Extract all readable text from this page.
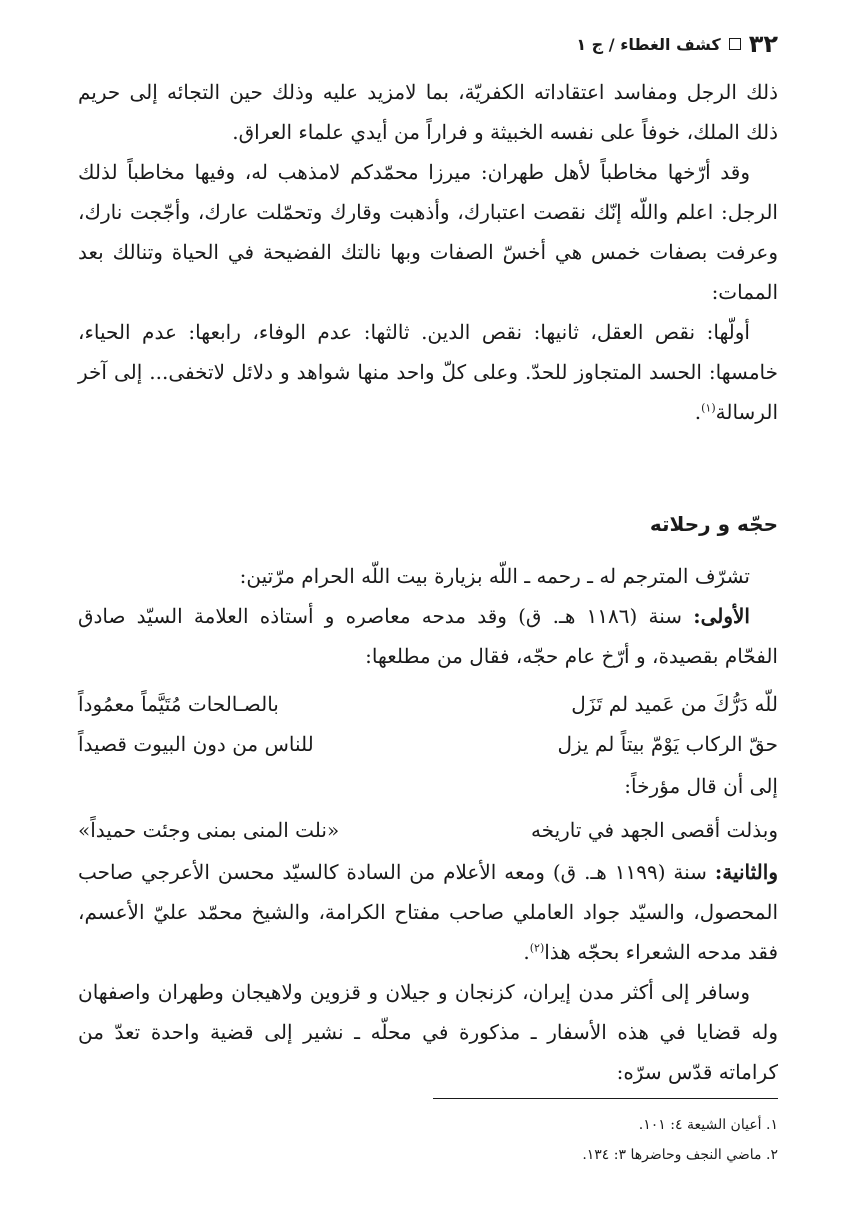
٣٢
كشف الغطاء / ج ١

ذلك الرجل ومفاسد اعتقاداته الكفريّة، بما لامزيد عليه وذلك حين التجائه إلى حريم ذلك الملك، خوفاً على نفسه الخبيثة و فراراً من أيدي علماء العراق.

وقد أرّخها مخاطباً لأهل طهران: ميرزا محمّدكم لامذهب له، وفيها مخاطباً لذلك الرجل: اعلم واللّه إنّك نقصت اعتبارك، وأذهبت وقارك وتحمّلت عارك، وأجّجت نارك، وعرفت بصفات خمس هي أخسّ الصفات وبها نالتك الفضيحة في الحياة وتنالك بعد الممات:

أولّها: نقص العقل، ثانيها: نقص الدين. ثالثها: عدم الوفاء، رابعها: عدم الحياء، خامسها: الحسد المتجاوز للحدّ. وعلى كلّ واحد منها شواهد و دلائل لاتخفى... إلى آخر الرسالة$^{(١)}$.

حجّه و رحلاته

تشرّف المترجم له ـ رحمه ـ اللّه بزيارة بيت اللّه الحرام مرّتين:

الأولى: سنة (١١٨٦ هـ. ق) وقد مدحه معاصره و أستاذه العلامة السيّد صادق الفحّام بقصيدة، و أرّخ عام حجّه، فقال من مطلعها:

للّه دَرُّكَ من عَميد لم تَزَل
بالصـالحات مُتَيَّماً معمُوداً
حقّ الركاب يَوْمّ بيتاً لم يزل
للناس من دون البيوت قصيداً

إلى أن قال مؤرخاً:

وبذلت أقصى الجهد في تاريخه
«نلت المنى بمنى وجئت حميداً»

والثانية: سنة (١١٩٩ هـ. ق) ومعه الأعلام من السادة كالسيّد محسن الأعرجي صاحب المحصول، والسيّد جواد العاملي صاحب مفتاح الكرامة، والشيخ محمّد عليّ الأعسم، فقد مدحه الشعراء بحجّه هذا$^{(٢)}$.

وسافر إلى أكثر مدن إيران، كزنجان و جيلان و قزوين ولاهيجان وطهران واصفهان وله قضايا في هذه الأسفار ـ مذكورة في محلّه ـ نشير إلى قضية واحدة تعدّ من كراماته قدّس سرّه:

١. أعيان الشيعة ٤: ١٠١.
٢. ماضي النجف وحاضرها ٣: ١٣٤.
